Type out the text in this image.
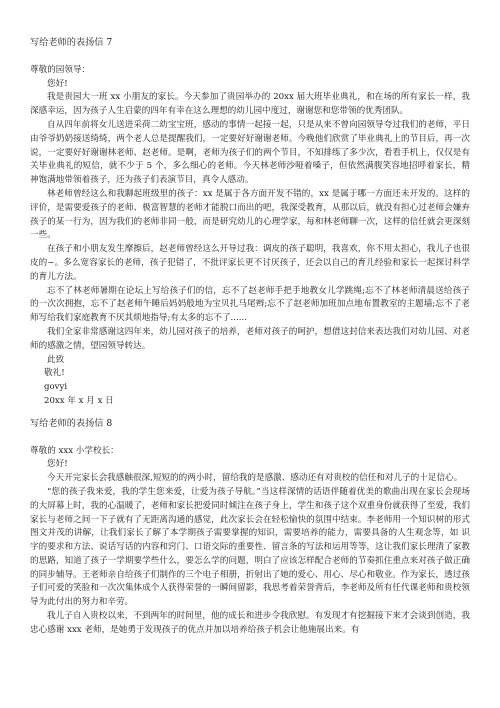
写给老师的表扬信 7
尊敬的园领导：
您好!

我是贵园大一班 xx 小朋友的家长。今天参加了贵园举办的 20xx 届大班毕业典礼，和在场的所有家长一样，我深感幸运，因为孩子人生启蒙的四年有幸在这么理想的幼儿园中度过，谢谢您和您带领的优秀团队。

自从四年前将女儿送进采荷二幼宝宝班，感动的事情一起接一起，只是从来不曾向园领导夸过我们的老师，平日由爷爷奶奶接送绮绮，两个老人总是提醒我们，一定要好好谢谢老师。今晚他们欣赏了毕业典礼上的节目后，再一次说，一定要好好谢谢林老师、赵老师。是啊，老师为孩子们的两个节目，不知排练了多少次，看看手机上，仅仅是有关毕业典礼的短信，就不少于 5 个，多么细心的老师。今天林老师沙哑着嗓子，但依然满腹笑容地招呼着家长，精神饱满地带领着孩子，还为孩子们表演节目，真令人感动。

林老师曾经这么和我聊起班级里的孩子：xx 是属于各方面开发不错的，xx 是属于哪一方面还未开发的。这样的评价，是需要爱孩子的老师、极富智慧的老师才能脱口而出的吧，我深受教育，从那以后，就没有担心过老师会嫌弃孩子的某一行为，因为我们的老师非同一般，而是研究幼儿的心理学家，每和林老师聊一次，这样的信任就会更深刻一些。

在孩子和小朋友发生摩擦后，赵老师曾经这么开导过我：调皮的孩子聪明，我喜欢，你不用太担心，我儿子也很皮的~。多么宽容家长的老师，孩子犯错了，不批评家长更不讨厌孩子，还会以自己的育儿经验和家长一起探讨科学的育儿方法。

忘不了林老师暑期在论坛上写给孩子们的信，忘不了赵老师手把手地教女儿学跳绳;忘不了林老师清晨送给孩子的一次次拥抱，忘不了赵老师午睡后妈妈般地为宝贝扎马尾辫;忘不了赵老师加班加点地布置教室的主题墙;忘不了老师写给我们家庭教育不厌其烦地指导;有太多的忘不了......

我们全家非常感谢这四年来，幼儿园对孩子的培养，老师对孩子的呵护，想借这封信来表达我们对幼儿园、对老师的感激之情，望园领导转达。

此致
敬礼!
govyi
20xx 年 x 月 x 日
写给老师的表扬信 8
尊敬的 xxx 小学校长：
您好!

今天开完家长会我感触很深,短短的的两小时，留给我的是感激、感动还有对贵校的信任和对儿子的十足信心。

“您的孩子我来爱，我的学生您来爱，让爱为孩子导航。”当这样深情的话语伴随着优美的歌曲出现在家长会现场的大屏幕上时，我的心温暖了，老师和家长把爱同时倾注在孩子身上，学生和孩子这个双重身份就获得了至爱，我们家长与老师之间一下子就有了无距离沟通的感觉，此次家长会在轻松愉快的氛围中结束。李老师用一个知识树的形式图文并茂的讲解，让我们家长了解了本学期孩子需要掌握的知识，需要培养的能力，需要具备的人生观念等，如 识字的要求和方法、说话写话的内容和窍门、口语交际的重要性、留言条的写法和运用等等，这让我们家长理清了家教的思路，知道了孩子一学期要学些什么，要怎么学的问题，明白了应该怎样配合老师的节奏抓住重点来对孩子做正确的同步辅导。王老师亲自给孩子们制作的三个电子相册，折射出了她的爱心、用心、尽心和敬业。作为家长，透过孩子们可爱的笑脸和一次次集体成个人获得荣誉的一瞬间留影，我思考着荣誉背后，李老师及所有任代课老师和贵校领导为此付出的努力和辛劳。

我儿子自入贵校以来，不到两年的时间里，他的成长和进步令我欣慰。有发现才有挖掘接下来才会谈到创造，我忠心感谢 xxx 老师，是她勇于发现孩子的优点并加以培养给孩子机会让他施展出来。有
